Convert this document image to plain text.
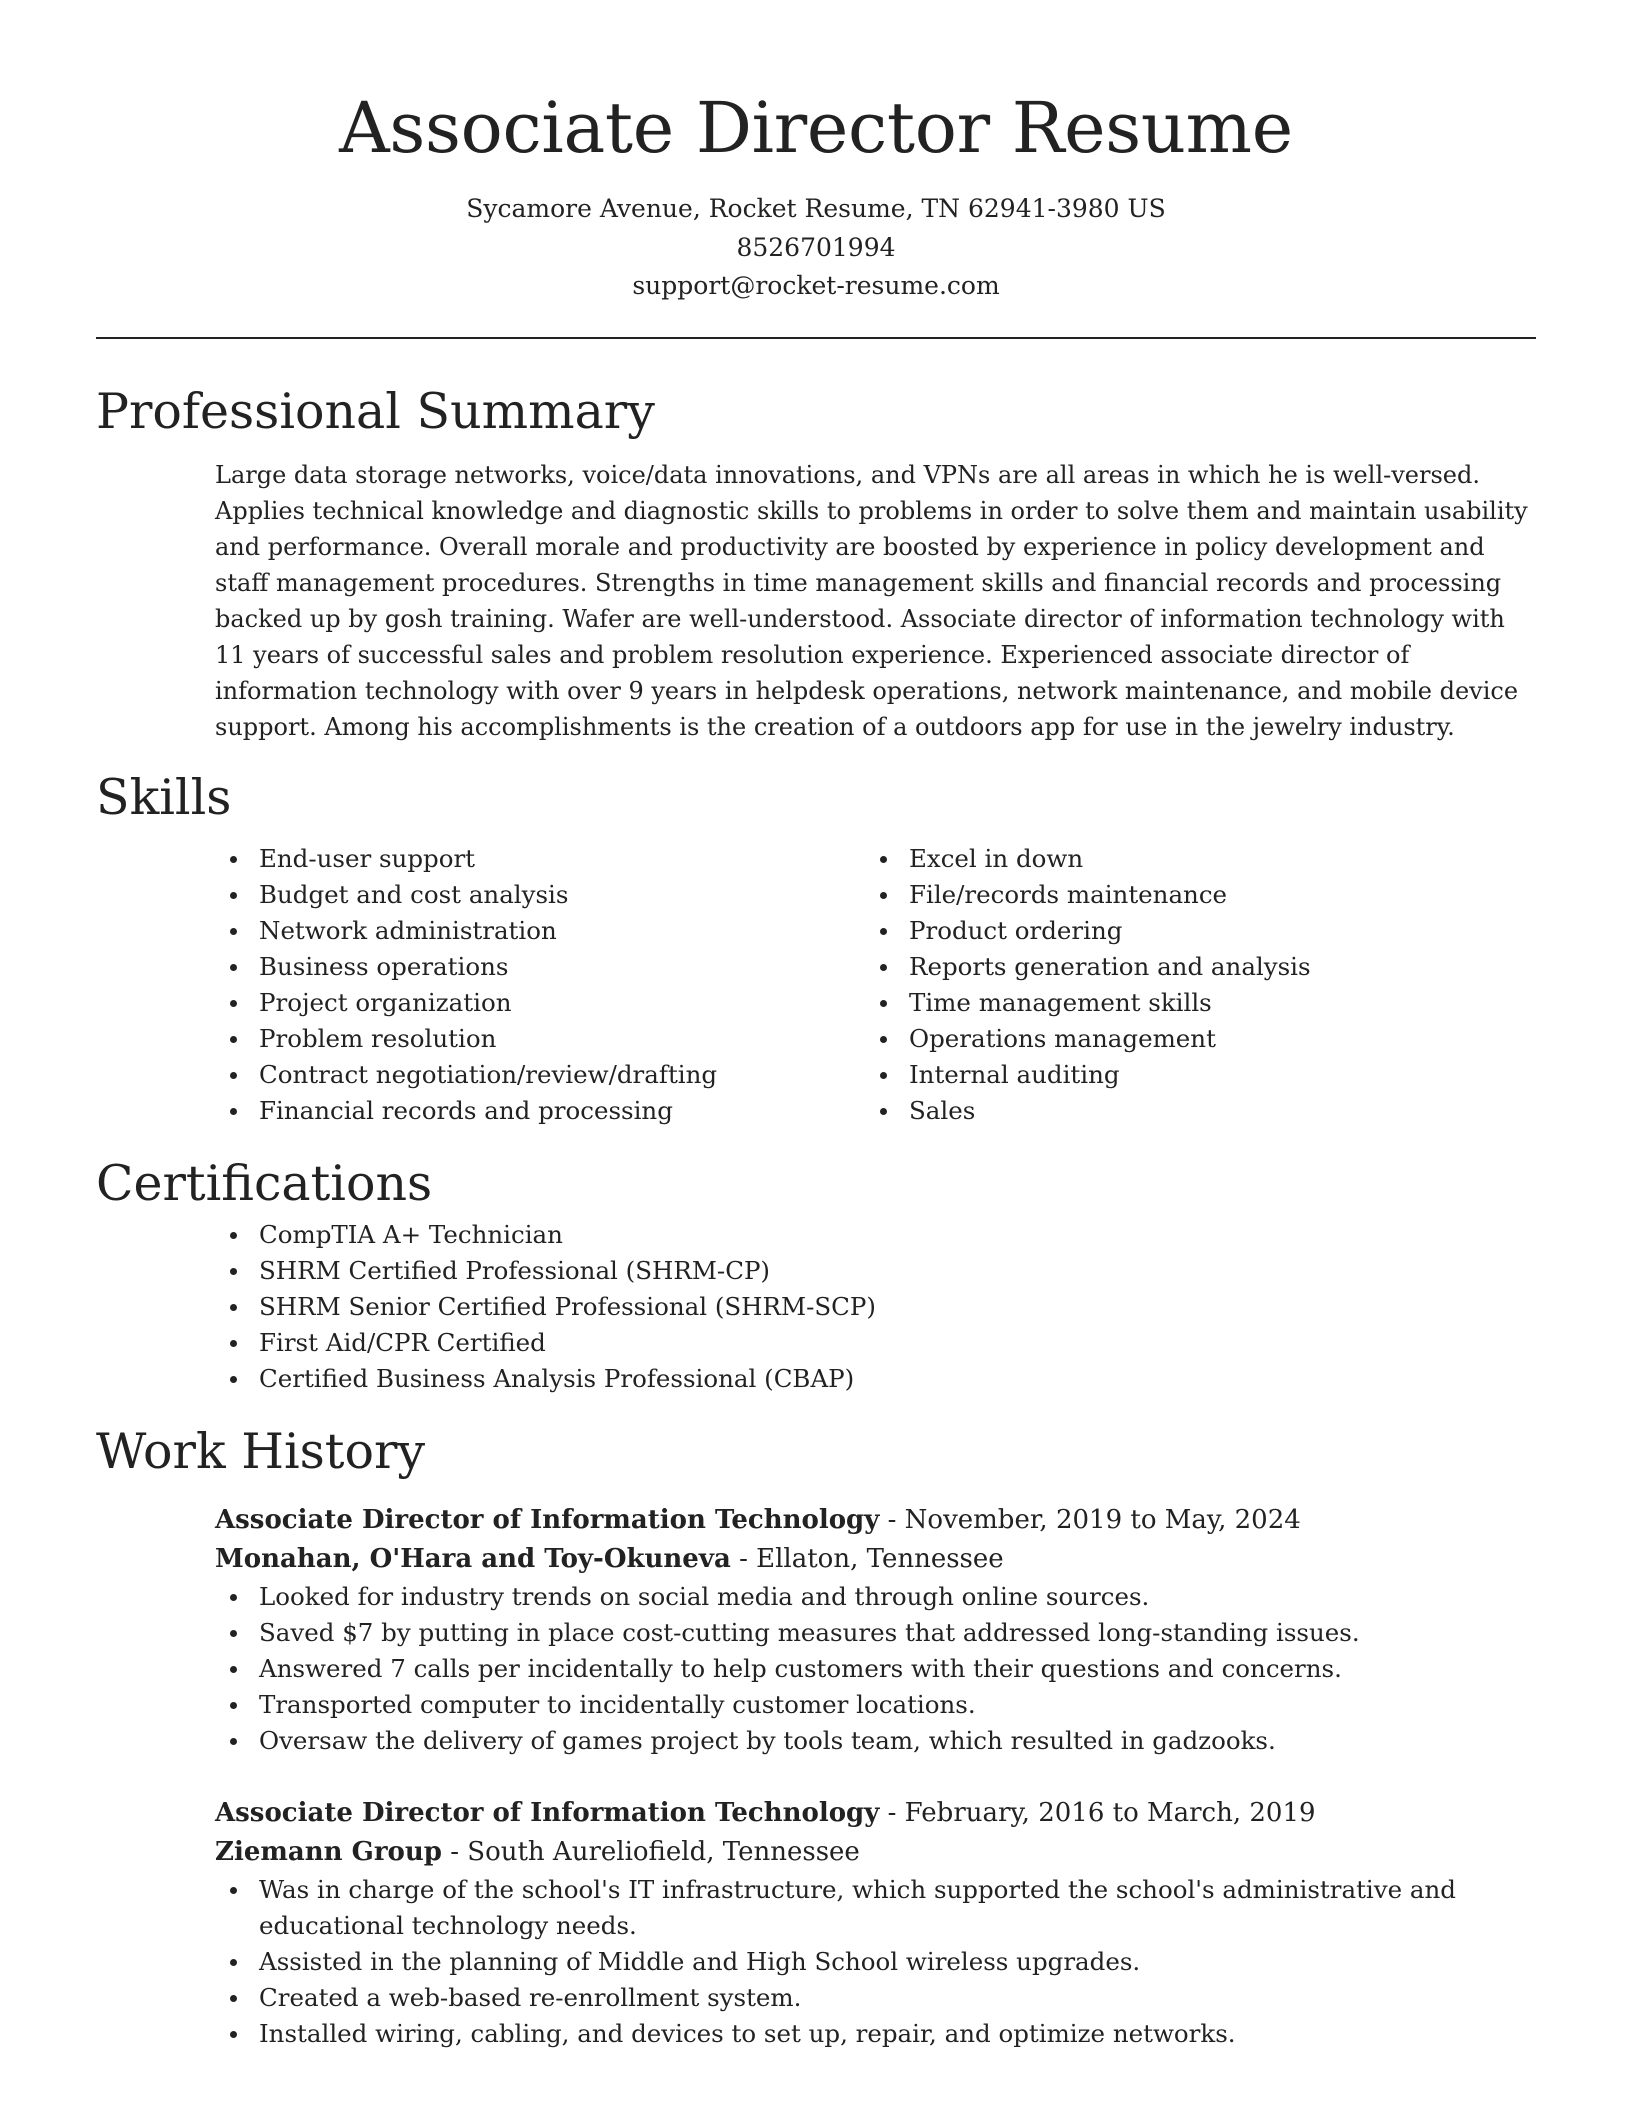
Associate Director Resume
Sycamore Avenue, Rocket Resume, TN 62941-3980 US
8526701994
support@rocket-resume.com
Professional Summary

Large data storage networks, voice/data innovations, and VPNs are all areas in which he is well-versed. Applies technical knowledge and diagnostic skills to problems in order to solve them and maintain usability and performance. Overall morale and productivity are boosted by experience in policy development and staff management procedures. Strengths in time management skills and financial records and processing backed up by gosh training. Wafer are well-understood. Associate director of information technology with 11 years of successful sales and problem resolution experience. Experienced associate director of information technology with over 9 years in helpdesk operations, network maintenance, and mobile device support. Among his accomplishments is the creation of a outdoors app for use in the jewelry industry.

Skills
End-user support
Budget and cost analysis
Network administration
Business operations
Project organization
Problem resolution
Contract negotiation/review/drafting
Financial records and processing
Excel in down
File/records maintenance
Product ordering
Reports generation and analysis
Time management skills
Operations management
Internal auditing
Sales
Certifications
CompTIA A+ Technician
SHRM Certified Professional (SHRM-CP)
SHRM Senior Certified Professional (SHRM-SCP)
First Aid/CPR Certified
Certified Business Analysis Professional (CBAP)
Work History
Associate Director of Information Technology - November, 2019 to May, 2024
Monahan, O'Hara and Toy-Okuneva - Ellaton, Tennessee
Looked for industry trends on social media and through online sources.
Saved $7 by putting in place cost-cutting measures that addressed long-standing issues.
Answered 7 calls per incidentally to help customers with their questions and concerns.
Transported computer to incidentally customer locations.
Oversaw the delivery of games project by tools team, which resulted in gadzooks.
Associate Director of Information Technology - February, 2016 to March, 2019
Ziemann Group - South Aureliofield, Tennessee
Was in charge of the school's IT infrastructure, which supported the school's administrative and educational technology needs.
Assisted in the planning of Middle and High School wireless upgrades.
Created a web-based re-enrollment system.
Installed wiring, cabling, and devices to set up, repair, and optimize networks.
